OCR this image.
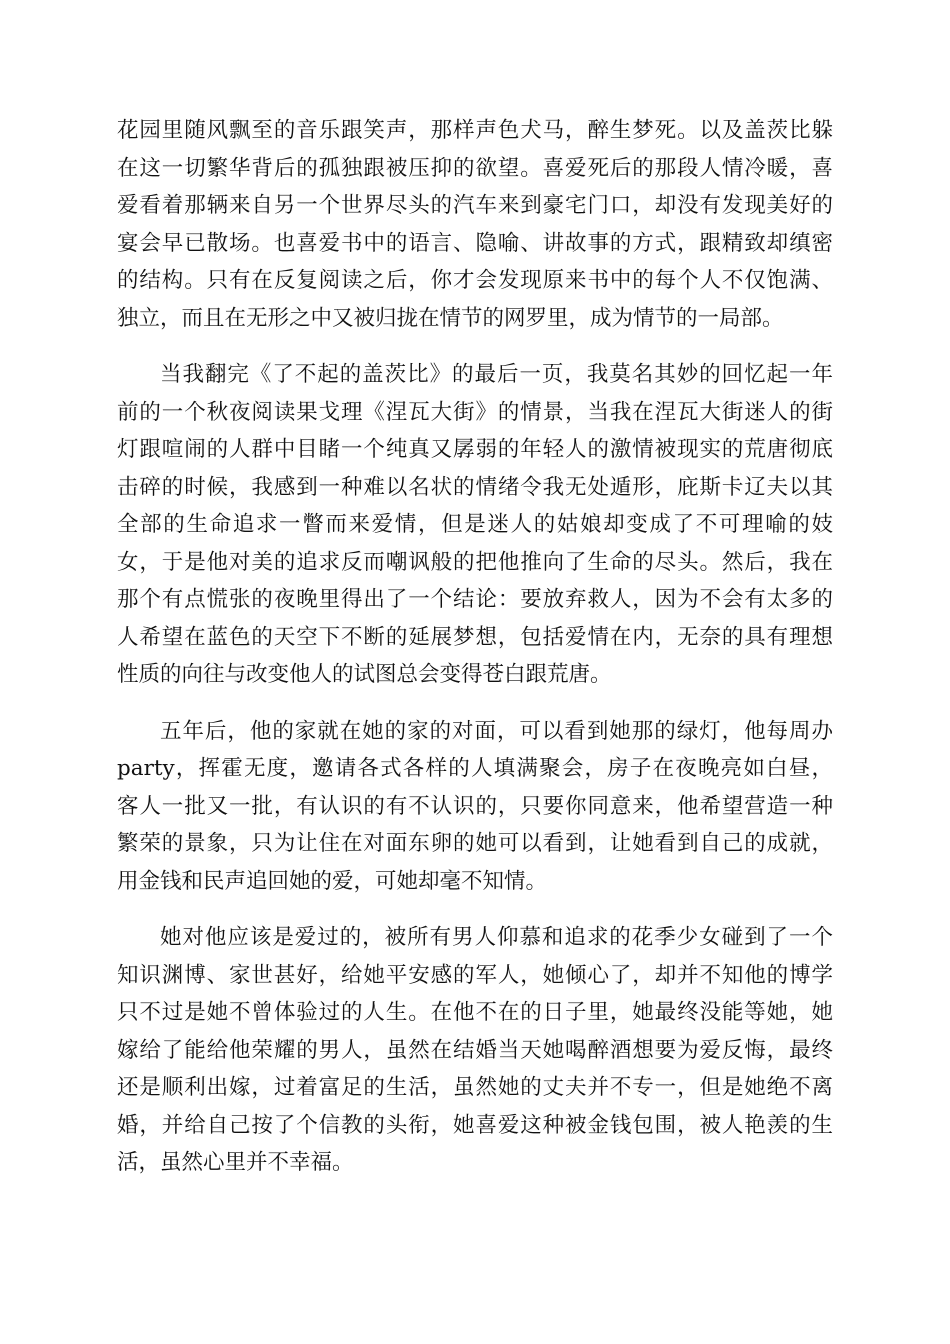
花园里随风飘至的音乐跟笑声，那样声色犬马，醉生梦死。以及盖茨比躲
在这一切繁华背后的孤独跟被压抑的欲望。喜爱死后的那段人情冷暖，喜
爱看着那辆来自另一个世界尽头的汽车来到豪宅门口，却没有发现美好的
宴会早已散场。也喜爱书中的语言、隐喻、讲故事的方式，跟精致却缜密
的结构。只有在反复阅读之后，你才会发现原来书中的每个人不仅饱满、
独立，而且在无形之中又被归拢在情节的网罗里，成为情节的一局部。
当我翻完《了不起的盖茨比》的最后一页，我莫名其妙的回忆起一年
前的一个秋夜阅读果戈理《涅瓦大街》的情景，当我在涅瓦大街迷人的街
灯跟喧闹的人群中目睹一个纯真又孱弱的年轻人的激情被现实的荒唐彻底
击碎的时候，我感到一种难以名状的情绪令我无处遁形，庇斯卡辽夫以其
全部的生命追求一瞥而来爱情，但是迷人的姑娘却变成了不可理喻的妓
女，于是他对美的追求反而嘲讽般的把他推向了生命的尽头。然后，我在
那个有点慌张的夜晚里得出了一个结论：要放弃救人，因为不会有太多的
人希望在蓝色的天空下不断的延展梦想，包括爱情在内，无奈的具有理想
性质的向往与改变他人的试图总会变得苍白跟荒唐。
五年后，他的家就在她的家的对面，可以看到她那的绿灯，他每周办
party，挥霍无度，邀请各式各样的人填满聚会，房子在夜晚亮如白昼，
客人一批又一批，有认识的有不认识的，只要你同意来，他希望营造一种
繁荣的景象，只为让住在对面东卵的她可以看到，让她看到自己的成就，
用金钱和民声追回她的爱，可她却毫不知情。
她对他应该是爱过的，被所有男人仰慕和追求的花季少女碰到了一个
知识渊博、家世甚好，给她平安感的军人，她倾心了，却并不知他的博学
只不过是她不曾体验过的人生。在他不在的日子里，她最终没能等她，她
嫁给了能给他荣耀的男人，虽然在结婚当天她喝醉酒想要为爱反悔，最终
还是顺利出嫁，过着富足的生活，虽然她的丈夫并不专一，但是她绝不离
婚，并给自己按了个信教的头衔，她喜爱这种被金钱包围，被人艳羡的生
活，虽然心里并不幸福。
